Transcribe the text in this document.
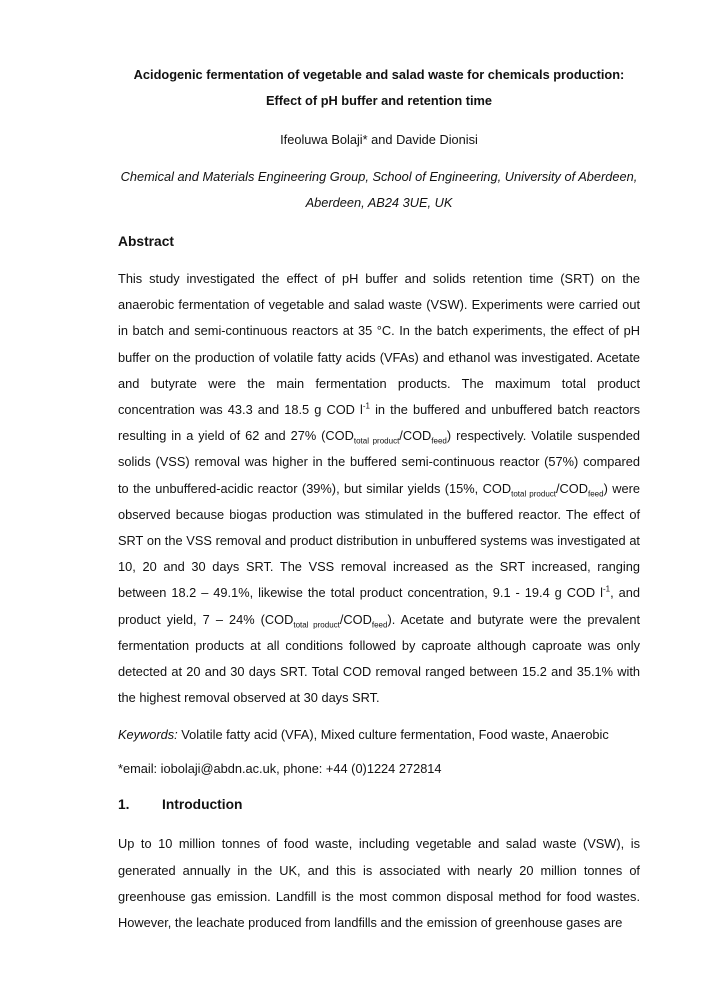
Acidogenic fermentation of vegetable and salad waste for chemicals production: Effect of pH buffer and retention time

Ifeoluwa Bolaji* and Davide Dionisi

Chemical and Materials Engineering Group, School of Engineering, University of Aberdeen, Aberdeen, AB24 3UE, UK

Abstract

This study investigated the effect of pH buffer and solids retention time (SRT) on the anaerobic fermentation of vegetable and salad waste (VSW). Experiments were carried out in batch and semi-continuous reactors at 35 °C. In the batch experiments, the effect of pH buffer on the production of volatile fatty acids (VFAs) and ethanol was investigated. Acetate and butyrate were the main fermentation products. The maximum total product concentration was 43.3 and 18.5 g COD $l^{-1}$ in the buffered and unbuffered batch reactors resulting in a yield of 62 and 27% $(COD_{total product}/COD_{feed})$ respectively. Volatile suspended solids (VSS) removal was higher in the buffered semi-continuous reactor (57%) compared to the unbuffered-acidic reactor (39%), but similar yields (15%, $COD_{total product}/COD_{feed}$) were observed because biogas production was stimulated in the buffered reactor. The effect of SRT on the VSS removal and product distribution in unbuffered systems was investigated at 10, 20 and 30 days SRT. The VSS removal increased as the SRT increased, ranging between 18.2 – 49.1%, likewise the total product concentration, 9.1 - 19.4 g COD $l^{-1}$, and product yield, 7 – 24% $(COD_{total product}/COD_{feed})$. Acetate and butyrate were the prevalent fermentation products at all conditions followed by caproate although caproate was only detected at 20 and 30 days SRT. Total COD removal ranged between 15.2 and 35.1% with the highest removal observed at 30 days SRT.

Keywords: Volatile fatty acid (VFA), Mixed culture fermentation, Food waste, Anaerobic

*email: iobolaji@abdn.ac.uk, phone: +44 (0)1224 272814

1.	Introduction

Up to 10 million tonnes of food waste, including vegetable and salad waste (VSW), is generated annually in the UK, and this is associated with nearly 20 million tonnes of greenhouse gas emission. Landfill is the most common disposal method for food wastes. However, the leachate produced from landfills and the emission of greenhouse gases are
